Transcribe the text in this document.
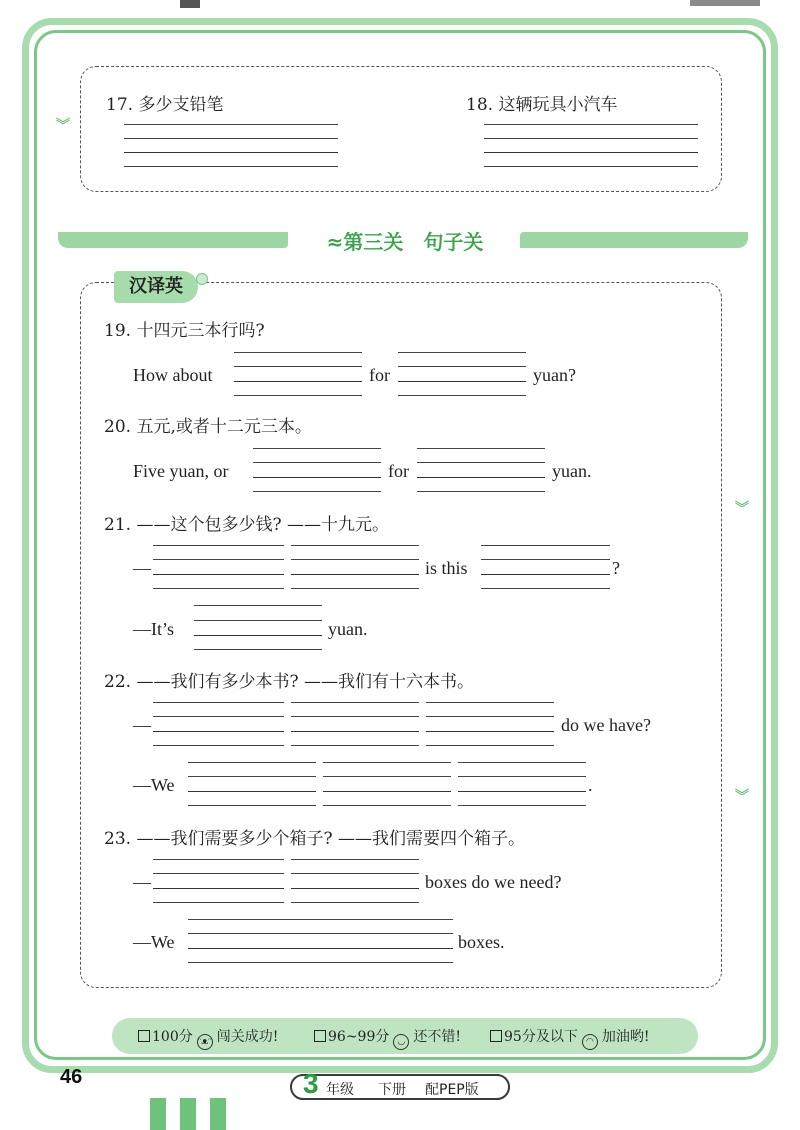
︾
︾
︾
17. 多少支铅笔	18. 这辆玩具小汽车
≈第三关　句子关
汉译英
19. 十四元三本行吗?
How about	for	yuan?
20. 五元,或者十二元三本。
Five yuan, or	for	yuan.
21. ——这个包多少钱? ——十九元。
—	is this	?
—It’s	yuan.
22. ——我们有多少本书? ——我们有十六本书。
—	do we have?
—We	.
23. ——我们需要多少个箱子? ——我们需要四个箱子。
—	boxes do we need?
—We	boxes.
100分 ᵔᴥᵔ 闯关成功!	96~99分 ◡ 还不错!	95分及以下 ◠ 加油哟!
46	3 年级 下册 配PEP版
